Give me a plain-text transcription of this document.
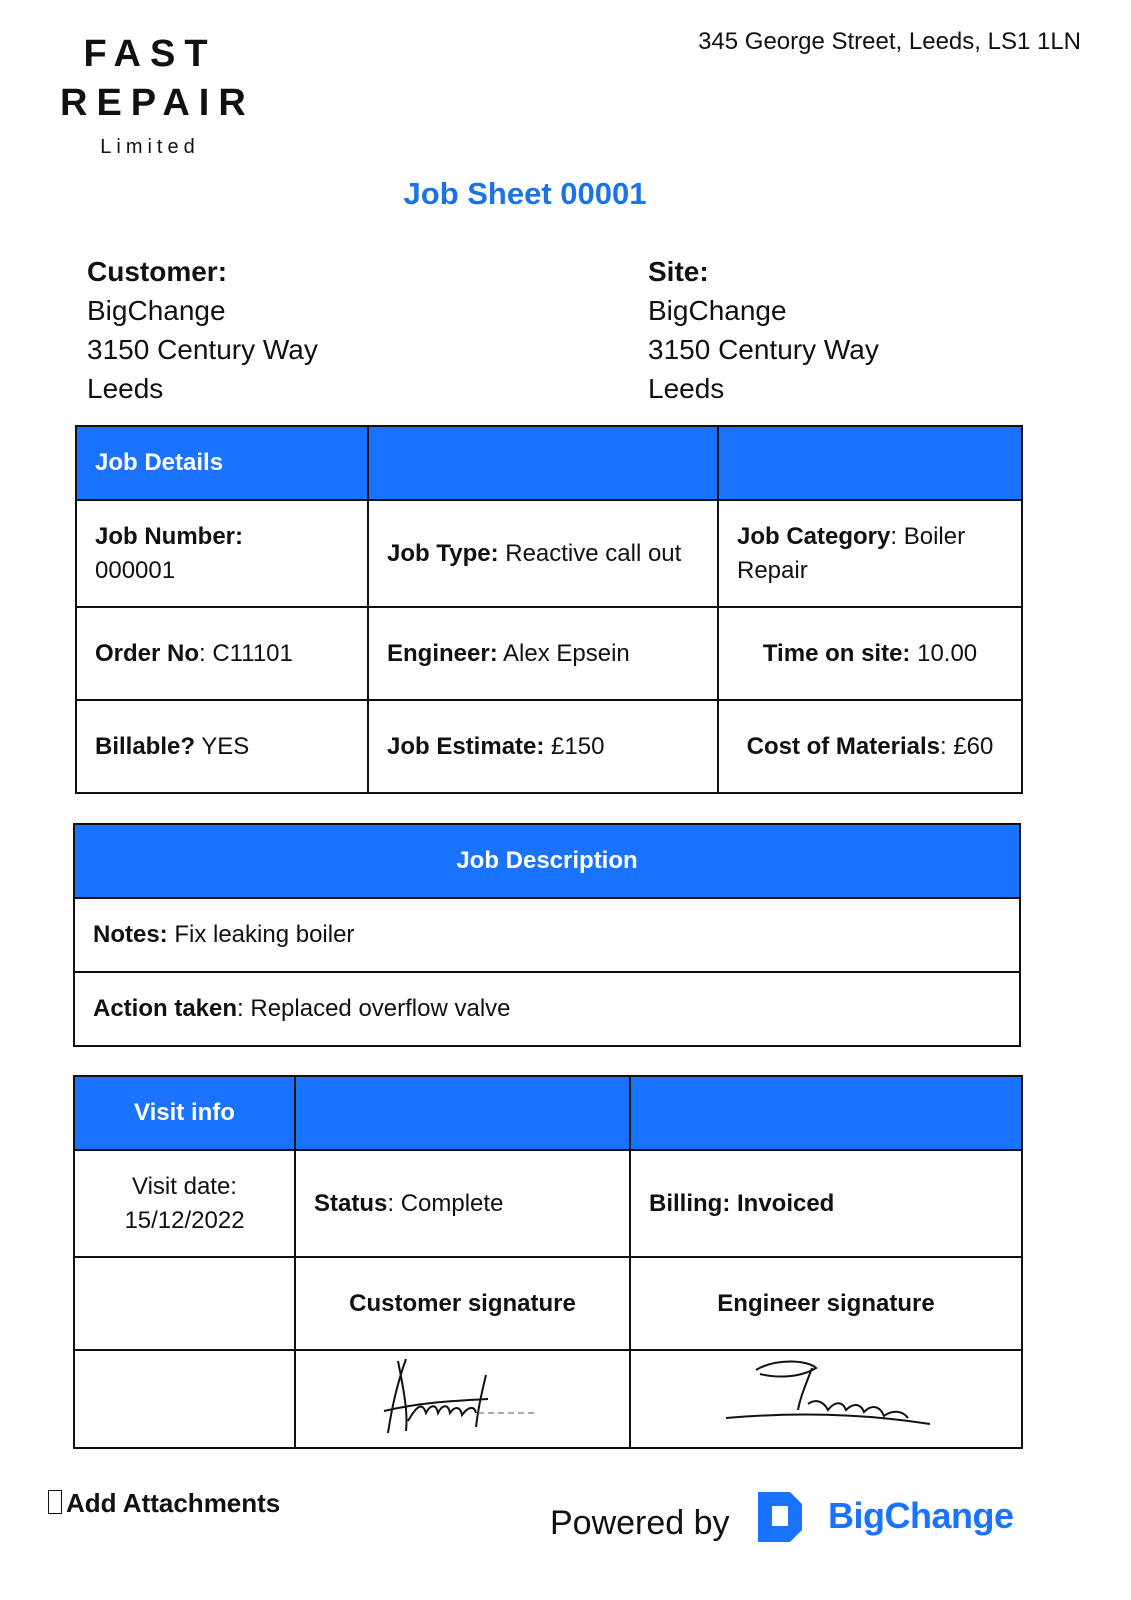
FAST
REPAIR
Limited
345 George Street, Leeds, LS1 1LN
Job Sheet 00001
Customer:
BigChange
3150 Century Way
Leeds
Site:
BigChange
3150 Century Way
Leeds
Job Details		
Job Number:
000001	Job Type: Reactive call out	Job Category: Boiler Repair
Order No: C11101	Engineer: Alex Epsein	Time on site: 10.00
Billable? YES	Job Estimate: £150	Cost of Materials: £60
Job Description
Notes: Fix leaking boiler
Action taken: Replaced overflow valve
Visit info		
Visit date:
15/12/2022	Status: Complete	Billing: Invoiced
	Customer signature	Engineer signature

Add Attachments
Powered by	BigChange
